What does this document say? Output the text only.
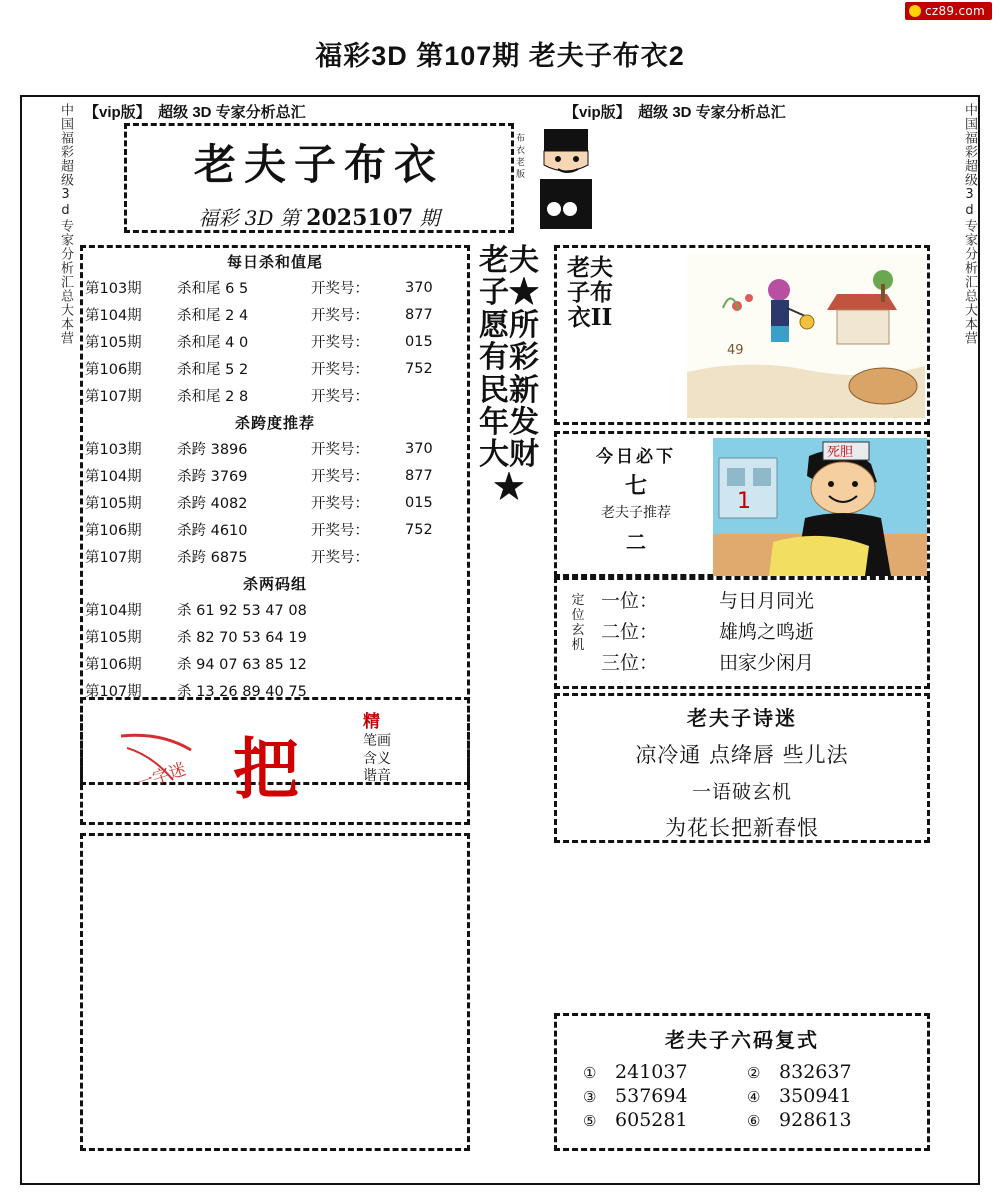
cz89.com
福彩3D 第107期 老夫子布衣2
中国福彩超级3d专家分析汇总大本营	中国福彩超级3d专家分析汇总大本营
【vip版】　超级 3D 专家分析总汇	【vip版】　超级 3D 专家分析总汇
老夫子布衣
福彩 3D 第 2025107 期
布
衣
老
版
每日杀和值尾
第103期	杀和尾 6 5	开奖号：	370
第104期	杀和尾 2 4	开奖号：	877
第105期	杀和尾 4 0	开奖号：	015
第106期	杀和尾 5 2	开奖号：	752
第107期	杀和尾 2 8	开奖号：	
杀跨度推荐
第103期	杀跨 3896	开奖号：	370
第104期	杀跨 3769	开奖号：	877
第105期	杀跨 4082	开奖号：	015
第106期	杀跨 4610	开奖号：	752
第107期	杀跨 6875	开奖号：	
杀两码组
第104期	杀 61 92 53 47 08
第105期	杀 82 70 53 64 19
第106期	杀 94 07 63 85 12
第107期	杀 13 26 89 40 75
一字迷 把
精
笔画
含义
谐音
老夫子★愿所有彩民新年发大财★
老夫子布衣II
49
今日必下
七
老夫子推荐
二
死胆
1
定位玄机
一位：	与日月同光
二位：	雄鸠之鸣逝
三位：	田家少闲月
老夫子诗迷
凉冷通 点绛唇 些儿法
一语破玄机
为花长把新春恨
老夫子六码复式
① 241037	② 832637
③ 537694	④ 350941
⑤ 605281	⑥ 928613
